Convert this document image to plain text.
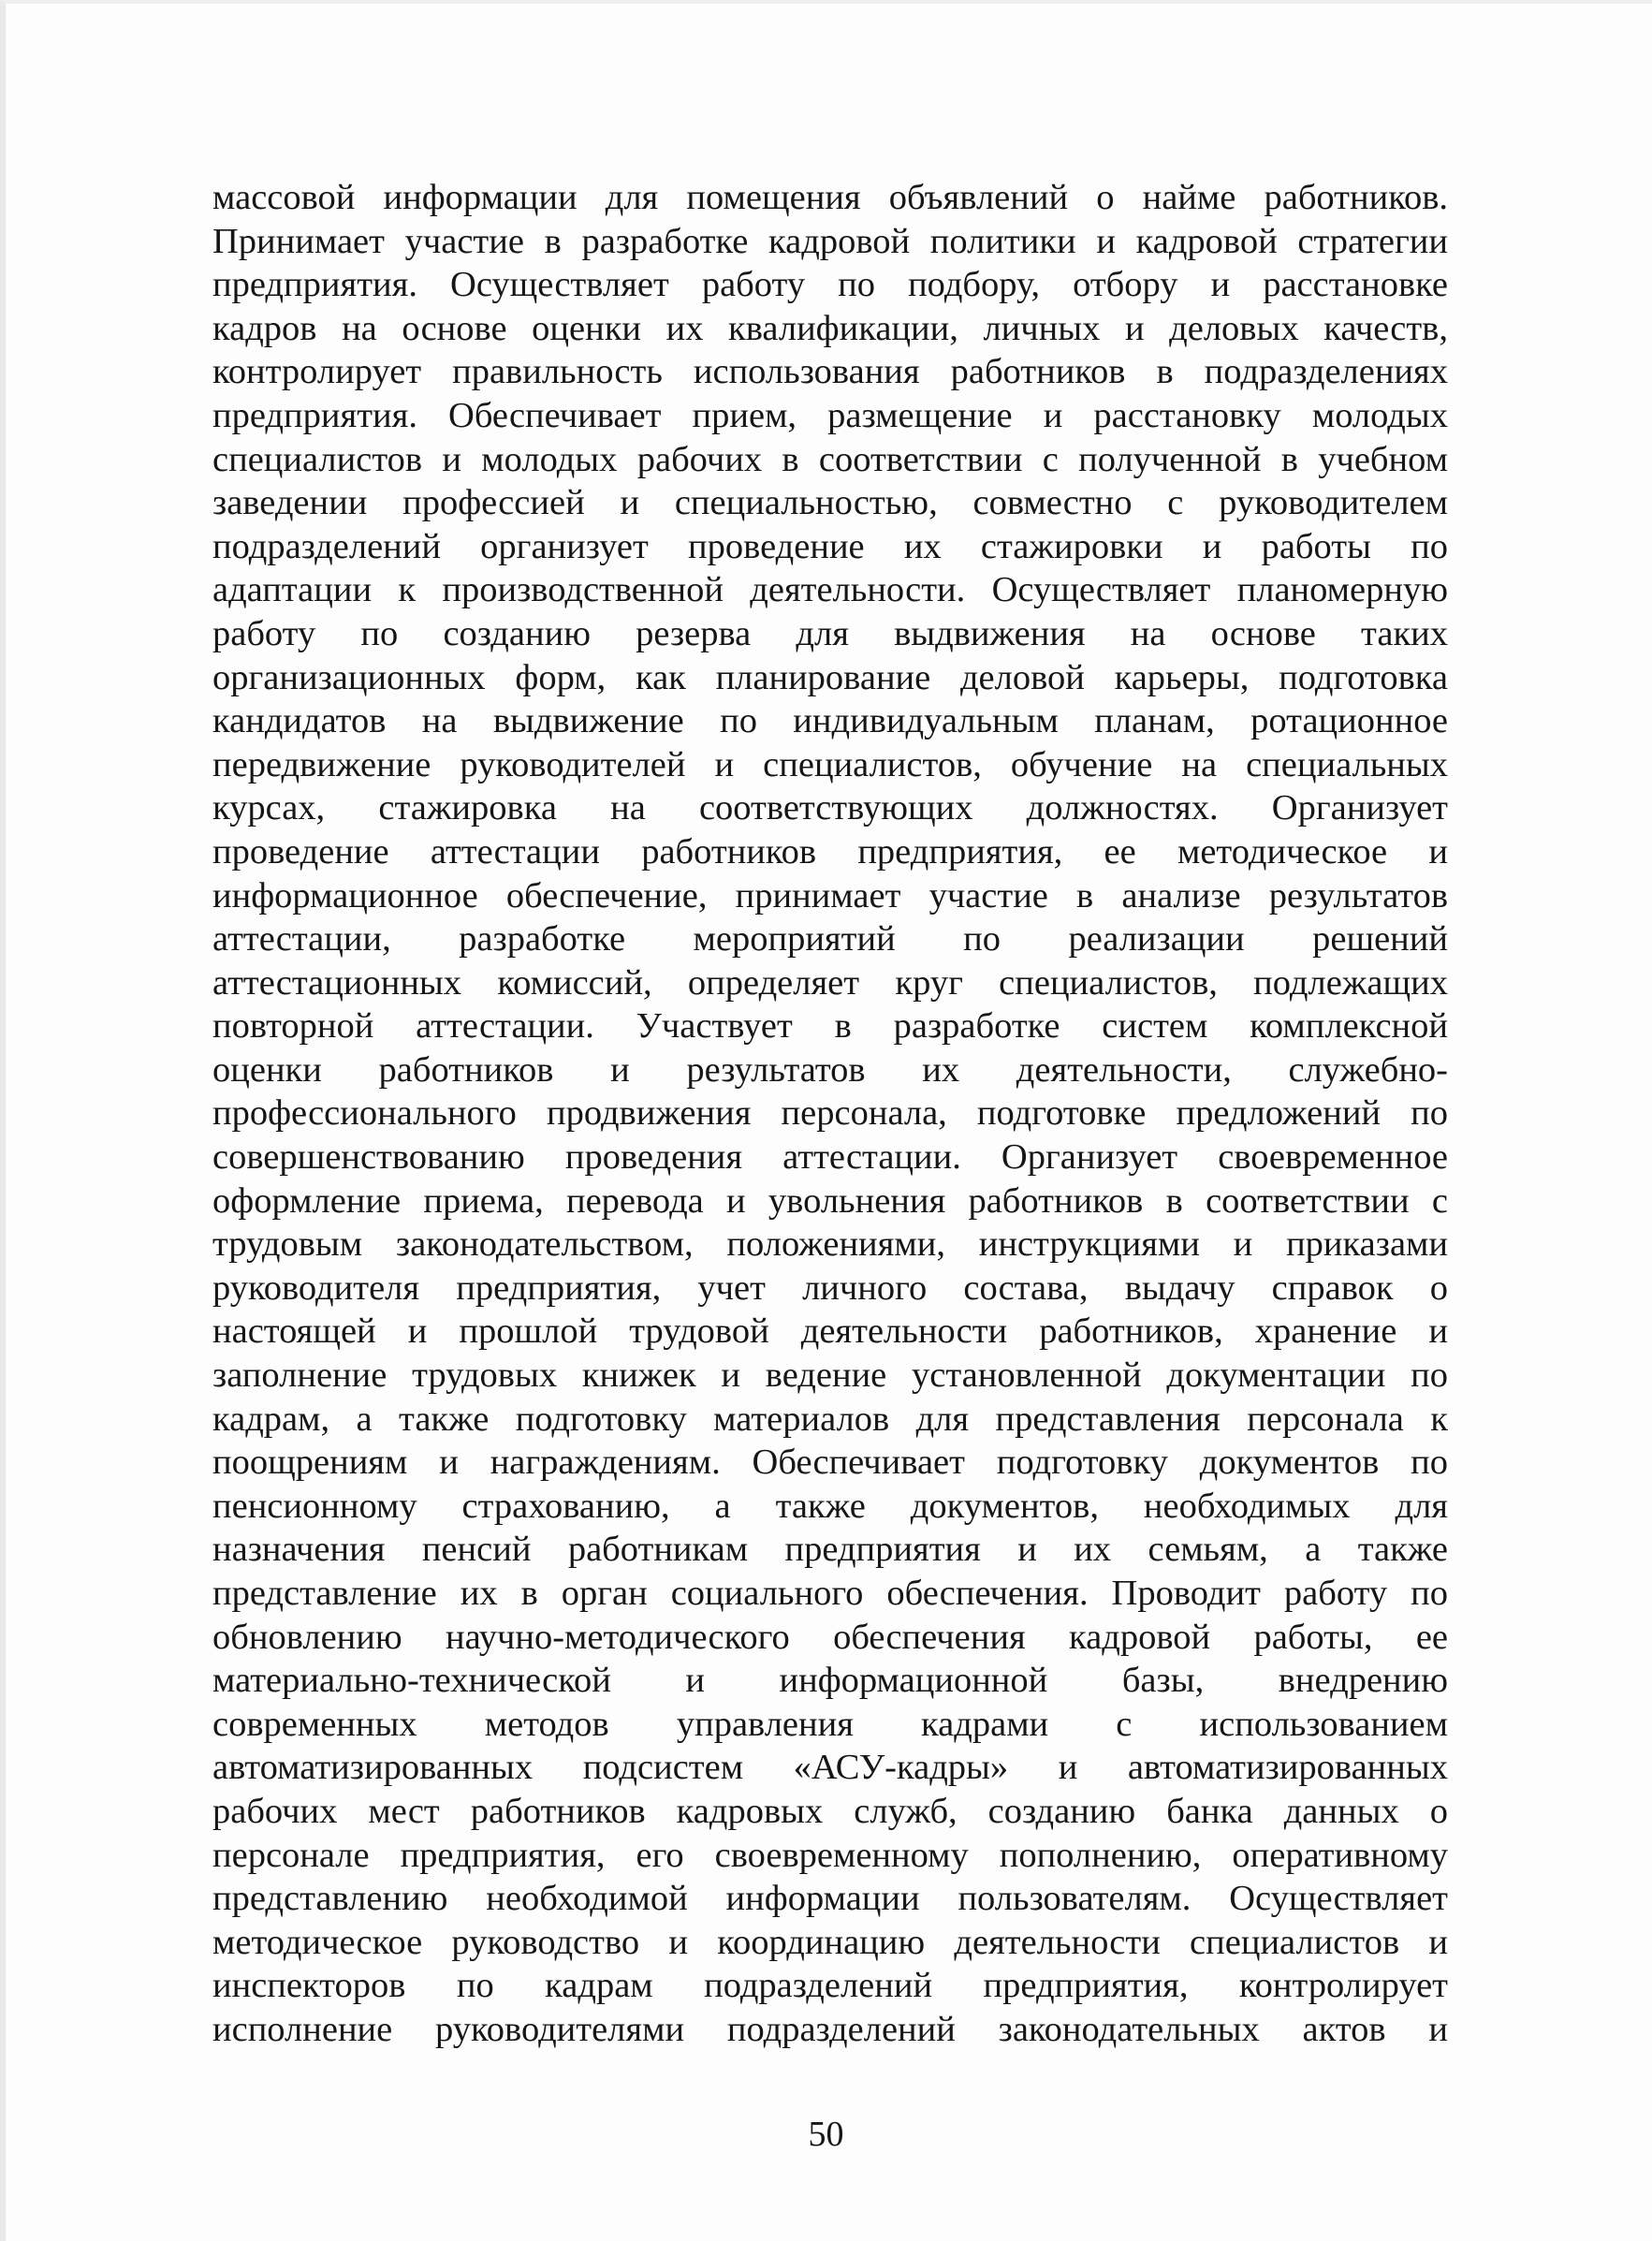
массовой информации для помещения объявлений о найме работников.
Принимает участие в разработке кадровой политики и кадровой стратегии
предприятия. Осуществляет работу по подбору, отбору и расстановке
кадров на основе оценки их квалификации, личных и деловых качеств,
контролирует правильность использования работников в подразделениях
предприятия. Обеспечивает прием, размещение и расстановку молодых
специалистов и молодых рабочих в соответствии с полученной в учебном
заведении профессией и специальностью, совместно с руководителем
подразделений организует проведение их стажировки и работы по
адаптации к производственной деятельности. Осуществляет планомерную
работу по созданию резерва для выдвижения на основе таких
организационных форм, как планирование деловой карьеры, подготовка
кандидатов на выдвижение по индивидуальным планам, ротационное
передвижение руководителей и специалистов, обучение на специальных
курсах, стажировка на соответствующих должностях. Организует
проведение аттестации работников предприятия, ее методическое и
информационное обеспечение, принимает участие в анализе результатов
аттестации, разработке мероприятий по реализации решений
аттестационных комиссий, определяет круг специалистов, подлежащих
повторной аттестации. Участвует в разработке систем комплексной
оценки работников и результатов их деятельности, служебно-
профессионального продвижения персонала, подготовке предложений по
совершенствованию проведения аттестации. Организует своевременное
оформление приема, перевода и увольнения работников в соответствии с
трудовым законодательством, положениями, инструкциями и приказами
руководителя предприятия, учет личного состава, выдачу справок о
настоящей и прошлой трудовой деятельности работников, хранение и
заполнение трудовых книжек и ведение установленной документации по
кадрам, а также подготовку материалов для представления персонала к
поощрениям и награждениям. Обеспечивает подготовку документов по
пенсионному страхованию, а также документов, необходимых для
назначения пенсий работникам предприятия и их семьям, а также
представление их в орган социального обеспечения. Проводит работу по
обновлению научно-методического обеспечения кадровой работы, ее
материально-технической и информационной базы, внедрению
современных методов управления кадрами с использованием
автоматизированных подсистем «АСУ-кадры» и автоматизированных
рабочих мест работников кадровых служб, созданию банка данных о
персонале предприятия, его своевременному пополнению, оперативному
представлению необходимой информации пользователям. Осуществляет
методическое руководство и координацию деятельности специалистов и
инспекторов по кадрам подразделений предприятия, контролирует
исполнение руководителями подразделений законодательных актов и
50
